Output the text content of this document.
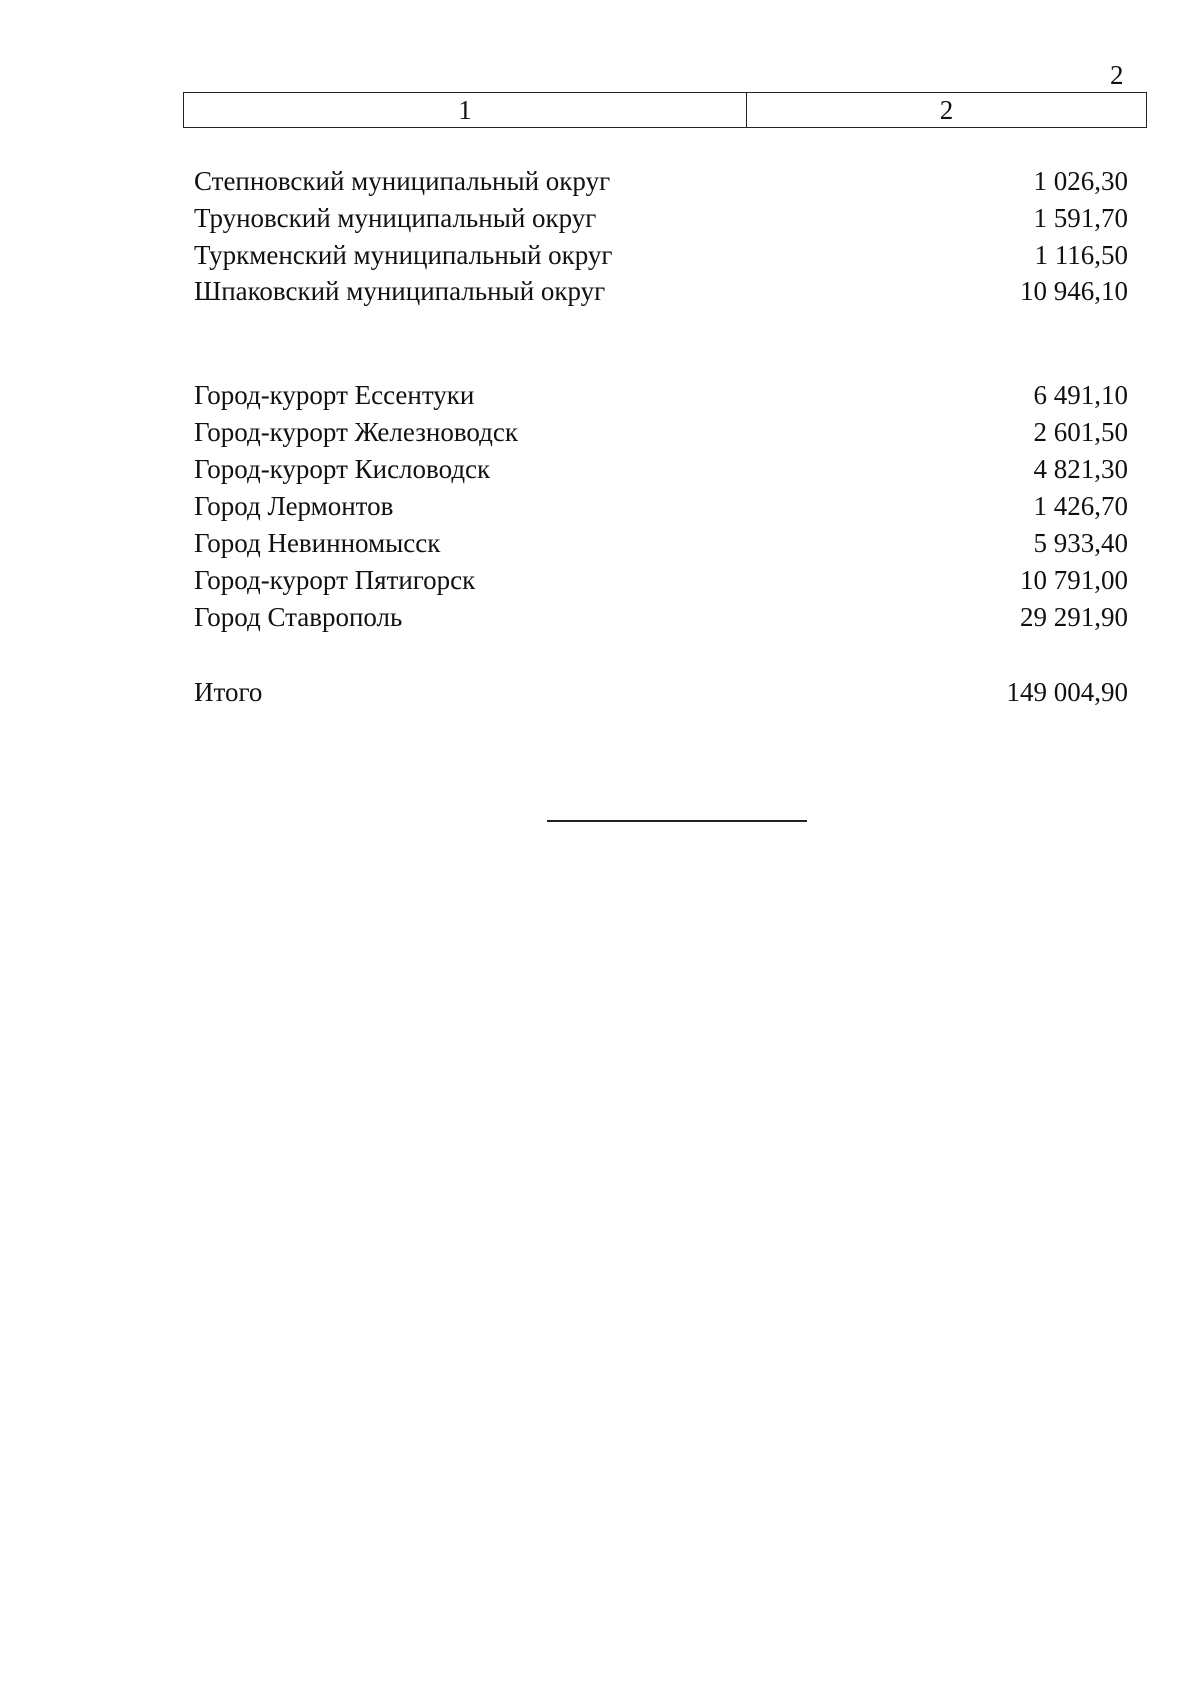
2
1	2
Степновский муниципальный округ	1 026,30
Труновский муниципальный округ	1 591,70
Туркменский муниципальный округ	1 116,50
Шпаковский муниципальный округ	10 946,10
Город-курорт Ессентуки	6 491,10
Город-курорт Железноводск	2 601,50
Город-курорт Кисловодск	4 821,30
Город Лермонтов	1 426,70
Город Невинномысск	5 933,40
Город-курорт Пятигорск	10 791,00
Город Ставрополь	29 291,90
Итого	149 004,90
